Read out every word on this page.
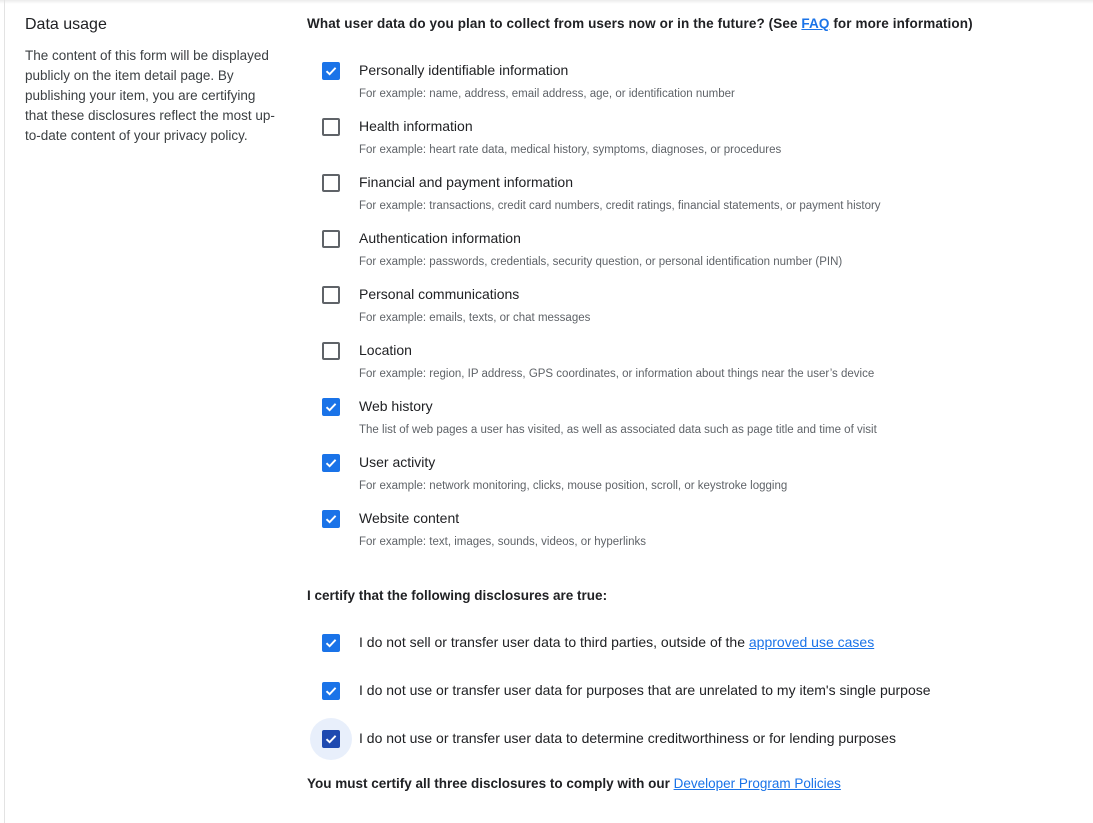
Data usage

The content of this form will be displayed publicly on the item detail page. By publishing your item, you are certifying that these disclosures reflect the most up-to-date content of your privacy policy.

What user data do you plan to collect from users now or in the future? (See FAQ for more information)

Personally identifiable information
For example: name, address, email address, age, or identification number
Health information
For example: heart rate data, medical history, symptoms, diagnoses, or procedures
Financial and payment information
For example: transactions, credit card numbers, credit ratings, financial statements, or payment history
Authentication information
For example: passwords, credentials, security question, or personal identification number (PIN)
Personal communications
For example: emails, texts, or chat messages
Location
For example: region, IP address, GPS coordinates, or information about things near the user’s device
Web history
The list of web pages a user has visited, as well as associated data such as page title and time of visit
User activity
For example: network monitoring, clicks, mouse position, scroll, or keystroke logging
Website content
For example: text, images, sounds, videos, or hyperlinks

I certify that the following disclosures are true:

I do not sell or transfer user data to third parties, outside of the approved use cases
I do not use or transfer user data for purposes that are unrelated to my item's single purpose
I do not use or transfer user data to determine creditworthiness or for lending purposes

You must certify all three disclosures to comply with our Developer Program Policies
